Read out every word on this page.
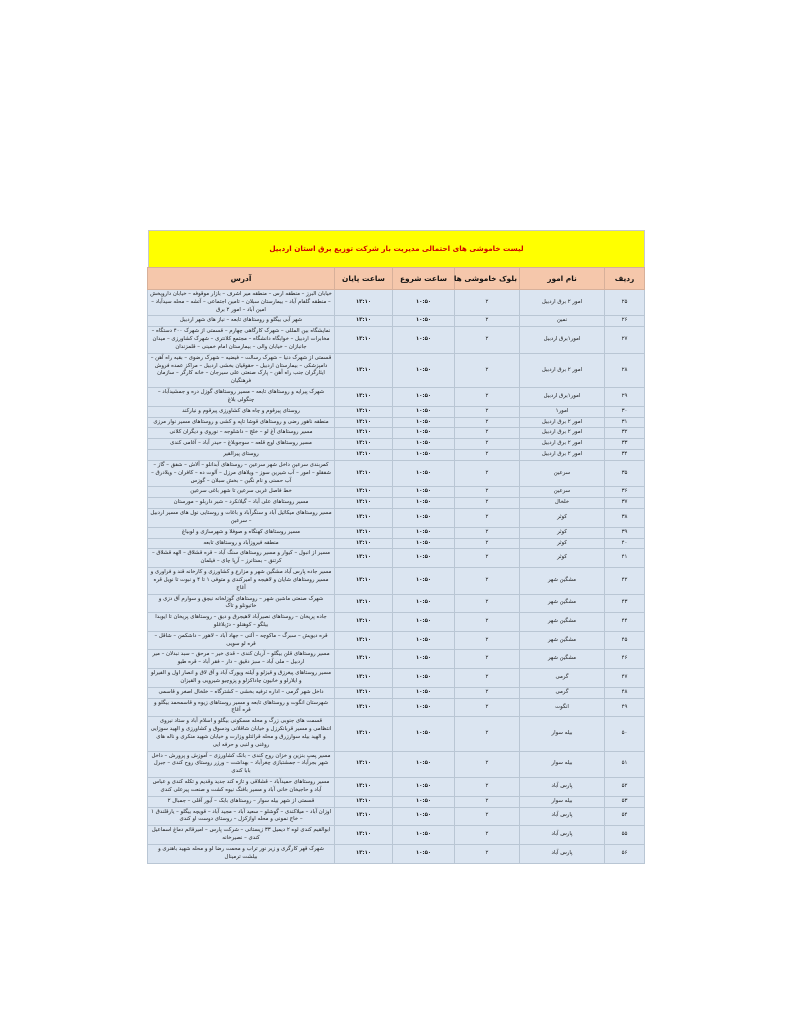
لیست خاموشی های احتمالی مدیریت بار شرکت توزیع برق استان اردبیل
ردیف	نام امور	بلوک خاموشی ها	ساعت شروع	ساعت پایان	آدرس
۲۵	امور ۲ برق اردبیل	۲	۱۰:۵۰	۱۳:۱۰	خیابان البرز – منطقه ارس – منطقه میر اشرف – بازار موقوفه – خیابان داروپخش – منطقه گلفام آباد – بیمارستان سبلان – تامین اجتماعی – آتشه – محله سیدآباد – امین آباد – امور ۲ برق
۲۶	نمین	۲	۱۰:۵۰	۱۳:۱۰	شهر آبی بیگلو و روستاهای تابعه – نیاز های شهر اردبیل
۲۷	امور۱برق اردبیل	۲	۱۰:۵۰	۱۳:۱۰	نمایشگاه بین المللی – شهرک کارگاهی چهارم – قسمتی از شهرک ۴۰۰ دستگاه – مخابرات اردبیل – خوابگاه دانشگاه – مجتمع کلانتری – شهرک کشاورزی – میدان جانبازان – خیابان والی – بیمارستان امام خمینی – قلمزندان
۲۸	امور ۲ برق اردبیل	۲	۱۰:۵۰	۱۳:۱۰	قسمتی از شهرک دنیا – شهرک رسالت – فیضیه – شهرک رضوی – بقیه راه آهن – دامپزشکی – بیمارستان اردبیل – حقوقیان بخشی اردبیل – مراکز عمده فروش ایثارگران جنب راه آهن – پارک صنعتی علی سیرجان – خانه کارگر – سازمان فرهنگیان
۲۹	امور۱برق اردبیل	۲	۱۰:۵۰	۱۳:۱۰	شهرک پیرایه و روستاهای تابعه – مسیر روستاهای گوزل دره و جمشیدآباد – چنگولی بلاغ
۳۰	امور۱	۲	۱۰:۵۰	۱۳:۱۰	روستای پیرقوم و چاه های کشاورزی پیرقوم و نیارکند
۳۱	امور ۲ برق اردبیل	۲	۱۰:۵۰	۱۳:۱۰	منطقه ناهور رضی و روستاهای قوشا تاپه و کشی و روستاهای مسیر نوار مرزی
۳۲	امور ۲ برق اردبیل	۲	۱۰:۵۰	۱۳:۱۰	مسیر روستاهای آغ لو – خلج – داشلوجه – نوروی و دیگران کلانی
۳۳	امور ۲ برق اردبیل	۲	۱۰:۵۰	۱۳:۱۰	مسیر روستاهای اوچ قلعه – سوجوبلاغ – حیدر آباد – آغامی کندی
۳۴	امور ۲ برق اردبیل	۲	۱۰:۵۰	۱۳:۱۰	روستای پیرالقیر
۳۵	سرعین	۲	۱۰:۵۰	۱۳:۱۰	کمربندی سرعین داخل شهر سرعین – روستاهای آبدانلو – آلاش – شفق – گاز – شفقلو – امور – آب شیرین سوز – ویلاهای مرزل – آلوت ده – کافران – ویلادرق – آب حسنی و نام نگین – بخش سبلان – گوزس
۳۶	سرعین	۲	۱۰:۵۰	۱۳:۱۰	خط فاصل غربی سرعین تا شهر باغی سرعین
۳۷	خلخال	۲	۱۰:۵۰	۱۳:۱۰	مسیر روستاهای علی آباد – گیلانکرد – شیر داربلو – مورستان
۳۸	کوثر	۲	۱۰:۵۰	۱۳:۱۰	مسیر روستاهای میکائیل آباد و سنگرآباد و باغات و روستایی نول های مسیر اردبیل – سرعین
۳۹	کوثر	۲	۱۰:۵۰	۱۳:۱۰	مسیر روستاهای کهنگاه و صوفلا و شهرسازی و لوبیاغ
۴۰	کوثر	۲	۱۰:۵۰	۱۳:۱۰	منطقه فیروزآباد و روستاهای تابعه
۴۱	کوثر	۲	۱۰:۵۰	۱۳:۱۰	مسیر از انبول – کیوار و مسیر روستاهای سنگ آباد – قره قشلاق – الهه قشلاق – کرتنق – بستانرز – آرپا چای – فیلمان
۴۲	مشگین شهر	۲	۱۰:۵۰	۱۳:۱۰	مسیر جاده پارس آباد مشگین شهر و مزارع و کشاورزی و کارخانه قند و فراوری و مسیر روستاهای شایان و لاهیجه و امیرکندی و متوفی ۱ تا ۴ و نبوت تا نویل قره آغاج
۴۳	مشگین شهر	۲	۱۰:۵۰	۱۳:۱۰	شهرک صنعتی ماشین شهر – روستاهای گوزلخانه نیچق و سوارم آق دزی و خاتیونلو و تاک
۴۴	مشگین شهر	۲	۱۰:۵۰	۱۳:۱۰	جاده پریخان – روستاهای نصیرآباد لاهیجرق و دیق – روستاهای پریخان تا ایوبدا بیلگو – کوهنلو – دژبلاغلو
۴۵	مشگین شهر	۲	۱۰:۵۰	۱۳:۱۰	قره دیویش – سبرگ – ماکوچه – آلنی – جهاد آباد – لاهور – داشکمن – شاقل – قره لو سویی
۴۶	مشگین شهر	۲	۱۰:۵۰	۱۳:۱۰	مسیر روستاهای قلن بیگلو – آربان کندی – قدی خیر – مرحق – سبد نبدلان – میر اردبیل – ملی آباد – سبز دقیق – دار – فقر آباد – قره طیو
۴۷	گرمی	۲	۱۰:۵۰	۱۳:۱۰	مسیر روستاهای پیغرزق و قیزلو و آیلنه ویورک آباد و آق لاق و انصار اول و الفیرلو و ایلارلو و خانیون چاداکزلو و پزوچیو شیرویی و القیزان
۴۸	گرمی	۲	۱۰:۵۰	۱۳:۱۰	داخل شهر گرمی – اداره ترفیه بخشی – کشترگاه – خلخال اصغر و قاسمی
۴۹	انگوت	۲	۱۰:۵۰	۱۳:۱۰	شهرستان انگوت و روستاهای تابعه و مسیر روستاهای زیوه و قاسمحمد بیگلو و قره آغاج
۵۰	بیله سوار	۲	۱۰:۵۰	۱۳:۱۰	قسمت های جنوبی زرگ و محله مسکونی بیگلو و اسلام آباد و ستاد نیروی انتظامی و مسیر قربانکرزل و خیابان شاقلانی ودسوق و کشاورزی و الهید سوزایی و الهید بیله سوارزرق و محله قرائتلو وزارت و خیابان شهید منکری و ناله های روغنی و لنبی و حرفه ایی
۵۱	بیله سوار	۲	۱۰:۵۰	۱۳:۱۰	مسیر پمپ بنزین و خزان روح کندی – بانک کشاورزی – آموزش و پرورش – داخل شهر بجرآباد – جمشتبازی چغرآباد – بهداشت – ورزر روستای روح کندی – جبرل بابا کندی
۵۲	پارس آباد	۲	۱۰:۵۰	۱۳:۱۰	مسیر روستاهای حمیدآباد – قشلاقی و تازه کند جدید وقدیم و تکله کندی و عباس آباد و حاجیخان خانی آباد و مسیر بافنگ نیوه کشت و صنعت پیرعلی کندی
۵۳	بیله سوار	۲	۱۰:۵۰	۱۳:۱۰	قسمتی از شهر بیله سوار – روستاهای بابک – آیور آقلی – جمبال ۲
۵۴	پارس آباد	۲	۱۰:۵۰	۱۳:۱۰	اوزان آباد – میلاکندی – گوشلو – سعید آباد – مجید آباد – قویچه بیگلو – یارقلندق ۱ – خاج نمونی و محله اوازکزل – روستای دوست او کندی
۵۵	پارس آباد	۲	۱۰:۵۰	۱۳:۱۰	ابوالقیم کندی لوه ۲ دیمیل ۳۳ زیستانی – شرکت پارس – امیرقائم دماغ اسماعیل کندی – نصیرخانه
۵۶	پارس آباد	۲	۱۰:۵۰	۱۳:۱۰	شهرک قهر کارگری و زیر نور تراب و محمت رضا لو و محله شهید باهنری و بیلشت ترمینال
